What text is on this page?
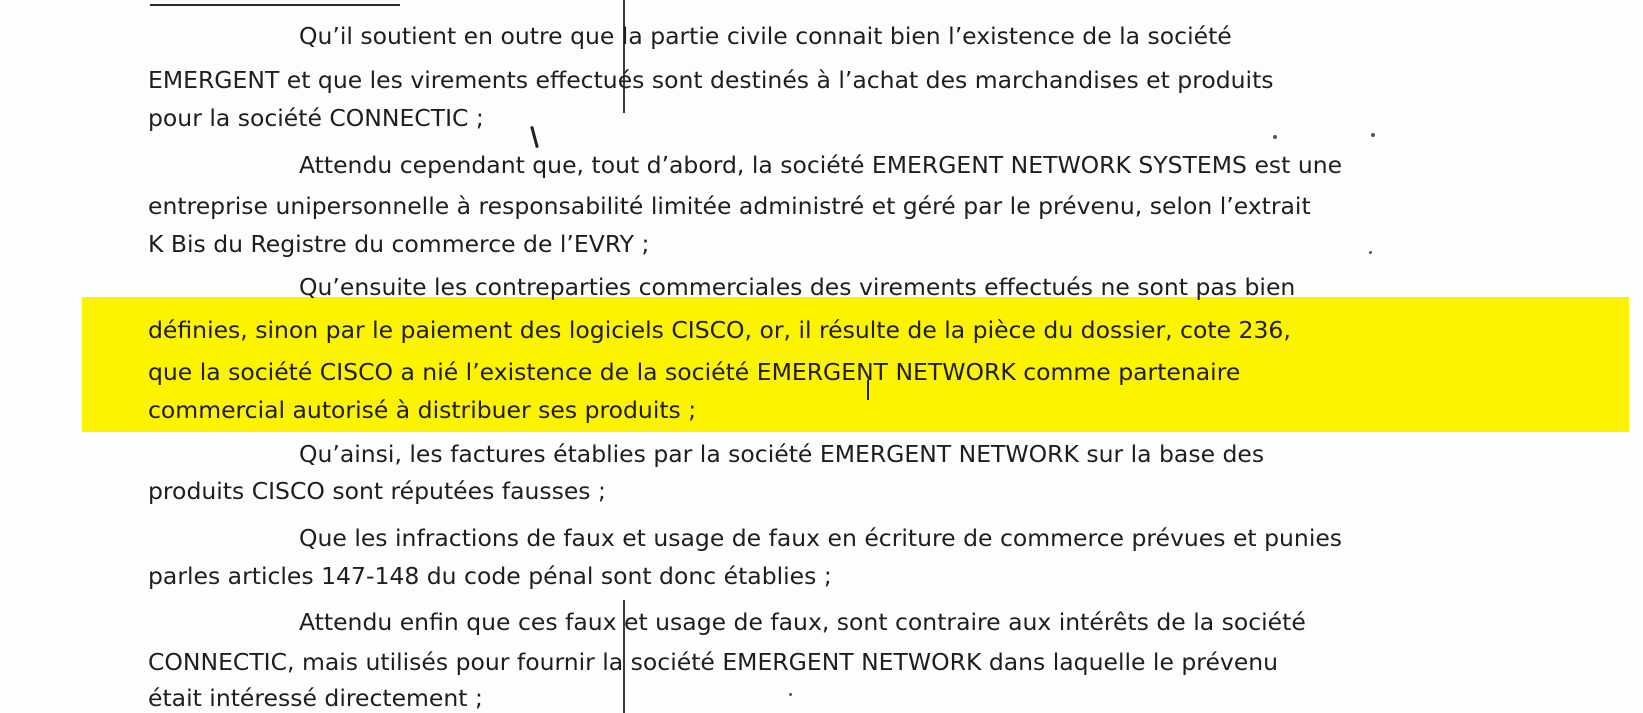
Qu’il soutient en outre que la partie civile connait bien l’existence de la société
EMERGENT et que les virements effectués sont destinés à l’achat des marchandises et produits
pour la société CONNECTIC ;
Attendu cependant que, tout d’abord, la société EMERGENT NETWORK SYSTEMS est une
entreprise unipersonnelle à responsabilité limitée administré et géré par le prévenu, selon l’extrait
K Bis du Registre du commerce de l’EVRY ;
Qu’ensuite les contreparties commerciales des virements effectués ne sont pas bien
définies, sinon par le paiement des logiciels CISCO, or, il résulte de la pièce du dossier, cote 236,
que la société CISCO a nié l’existence de la société EMERGENT NETWORK comme partenaire
commercial autorisé à distribuer ses produits ;
Qu’ainsi, les factures établies par la société EMERGENT NETWORK sur la base des
produits CISCO sont réputées fausses ;
Que les infractions de faux et usage de faux en écriture de commerce prévues et punies
parles articles 147-148 du code pénal sont donc établies ;
Attendu enfin que ces faux et usage de faux, sont contraire aux intérêts de la société
CONNECTIC, mais utilisés pour fournir la société EMERGENT NETWORK dans laquelle le prévenu
était intéressé directement ;
